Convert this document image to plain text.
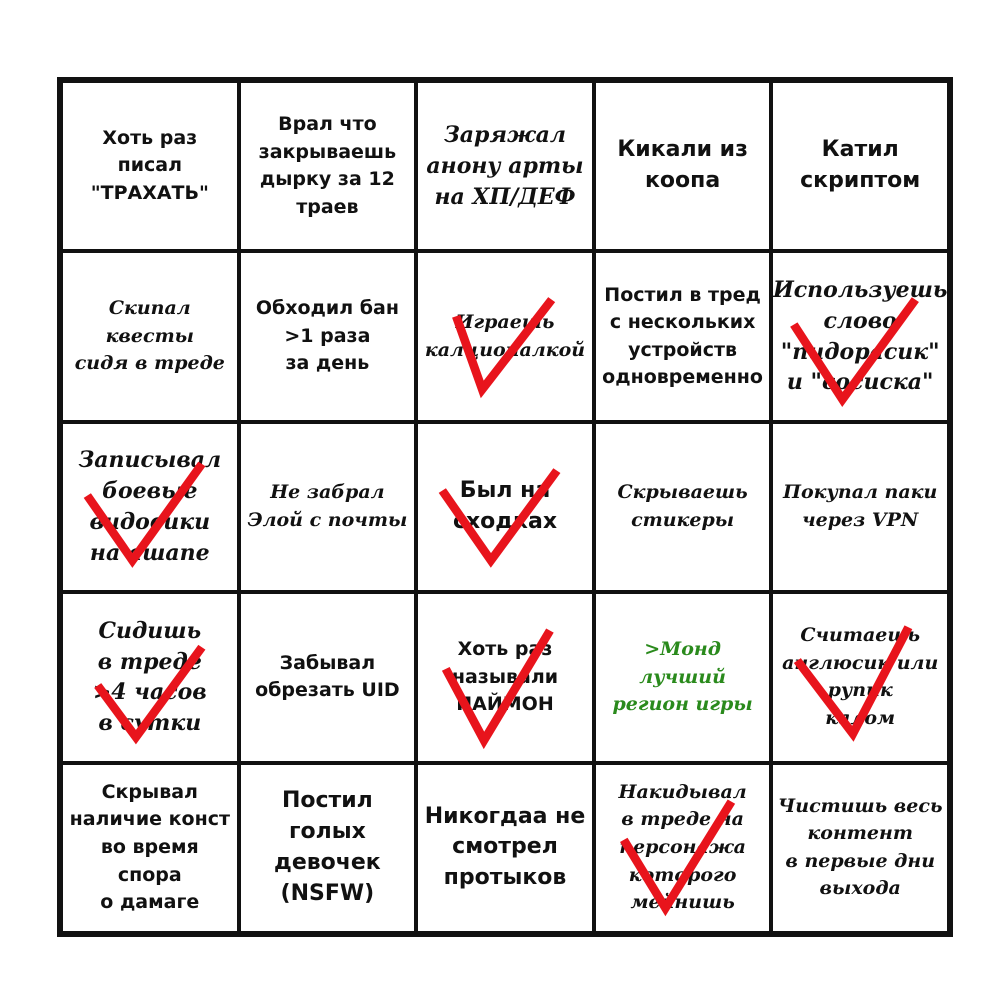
Хоть раз
писал
"ТРАХАТЬ"
Врал что
закрываешь
дырку за 12
траев
Заряжал
анону арты
на ХП/ДЕФ
Кикали из
коопа
Катил
скриптом
Скипал квесты
сидя в треде
Обходил бан
>1 раза
за день
Играешь
калционалкой
Постил в тред
с нескольких
устройств
одновременно
Используешь
слово
"пидорасик"
и "сосиска"
Записывал
боевые
видосики
на ашапе
Не забрал
Элой с почты
Был на
сходках
Скрываешь
стикеры
Покупал паки
через VPN
Сидишь
в треде
>4 часов
в сутки
Забывал
обрезать UID
Хоть раз
называли
ПАЙМОН
>Монд лучший
регион игры
Считаешь
англюсик или
рупик
калом
Скрывал
наличие конст
во время спора
о дамаге
Постил
голых
девочек
(NSFW)
Никогдаа не
смотрел
протыков
Накидывал
в треде на
персонажа
которого
мейнишь
Чистишь весь
контент
в первые дни
выхода
